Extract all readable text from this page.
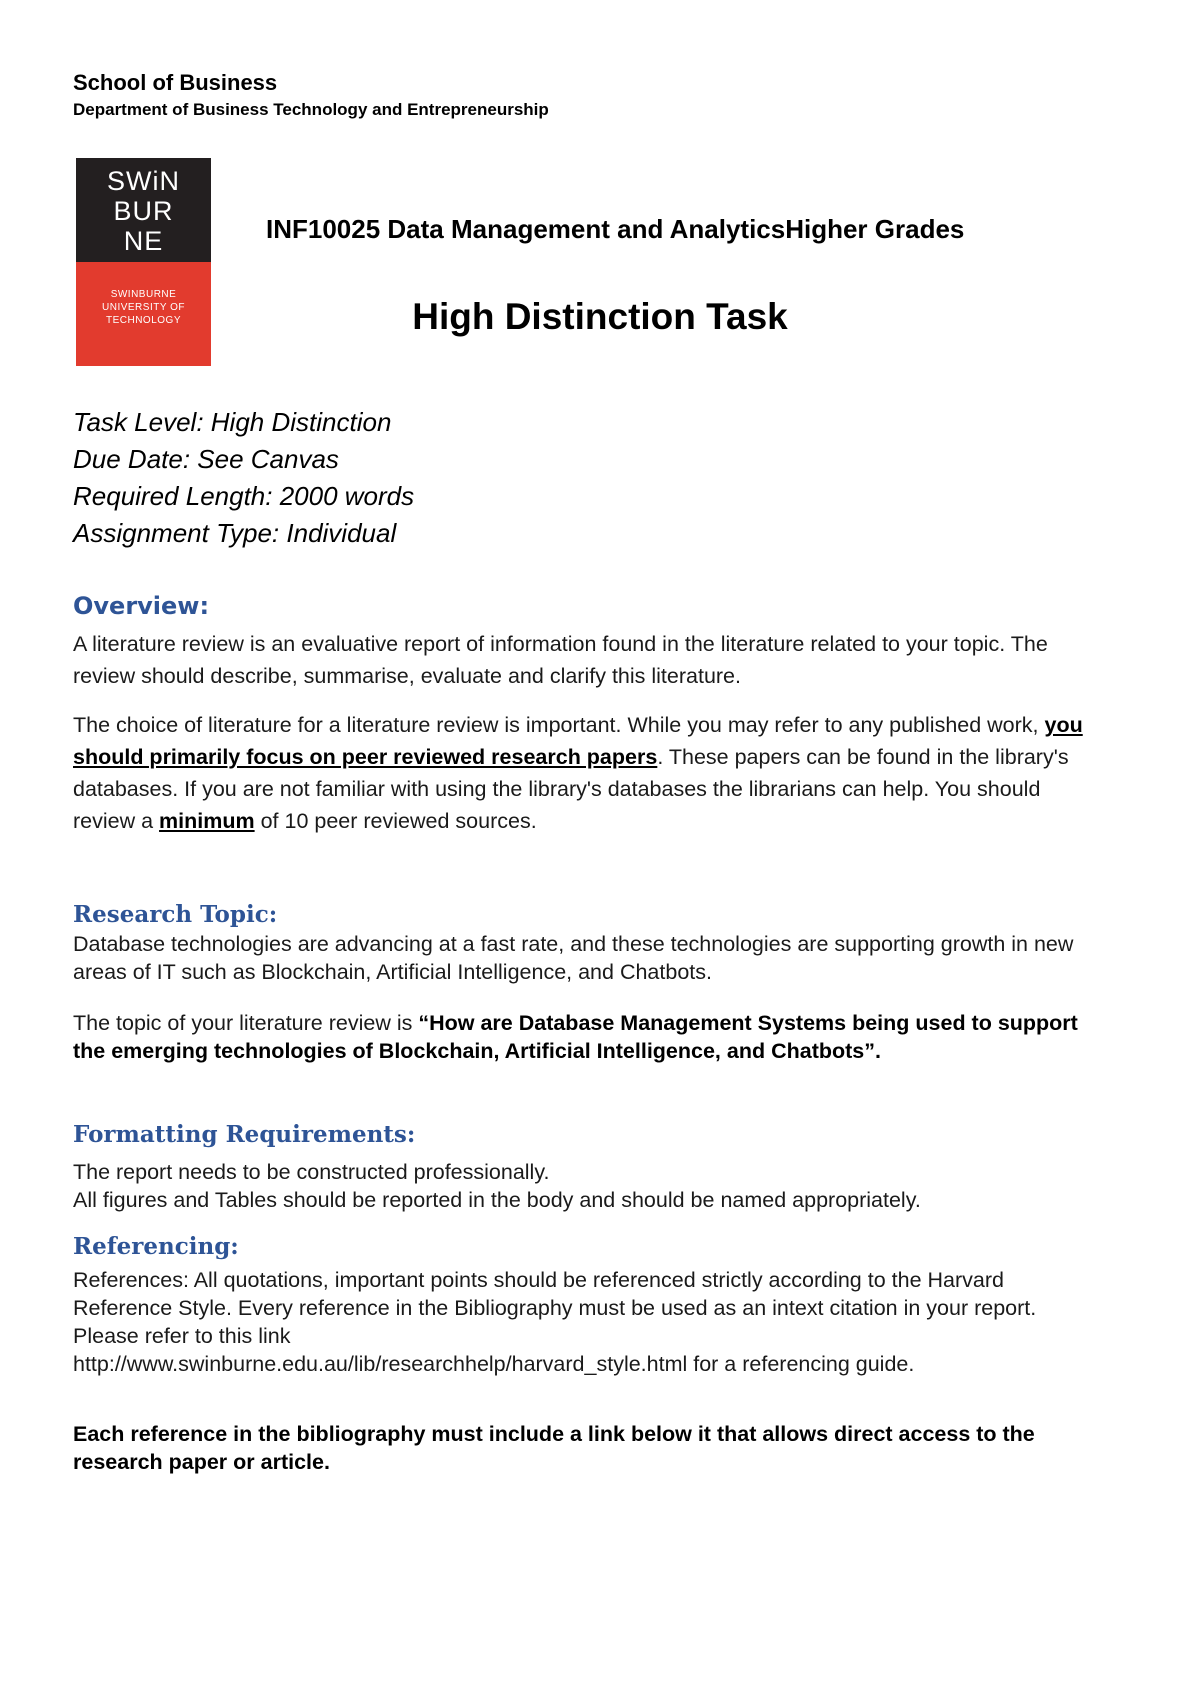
School of Business
Department of Business Technology and Entrepreneurship
SWiN
BUR
NE
SWINBURNE
UNIVERSITY OF
TECHNOLOGY
INF10025 Data Management and AnalyticsHigher Grades
High Distinction Task
Task Level: High Distinction
Due Date: See Canvas
Required Length: 2000 words
Assignment Type: Individual
Overview:
A literature review is an evaluative report of information found in the literature related to your topic. The review should describe, summarise, evaluate and clarify this literature.
The choice of literature for a literature review is important. While you may refer to any published work, you should primarily focus on peer reviewed research papers. These papers can be found in the library's databases. If you are not familiar with using the library's databases the librarians can help. You should review a minimum of 10 peer reviewed sources.
Research Topic:
Database technologies are advancing at a fast rate, and these technologies are supporting growth in new areas of IT such as Blockchain, Artificial Intelligence, and Chatbots.
The topic of your literature review is “How are Database Management Systems being used to support the emerging technologies of Blockchain, Artificial Intelligence, and Chatbots”.
Formatting Requirements:
The report needs to be constructed professionally.
All figures and Tables should be reported in the body and should be named appropriately.
Referencing:
References: All quotations, important points should be referenced strictly according to the Harvard Reference Style. Every reference in the Bibliography must be used as an intext citation in your report. Please refer to this link
http://www.swinburne.edu.au/lib/researchhelp/harvard_style.html for a referencing guide.
Each reference in the bibliography must include a link below it that allows direct access to the research paper or article.
